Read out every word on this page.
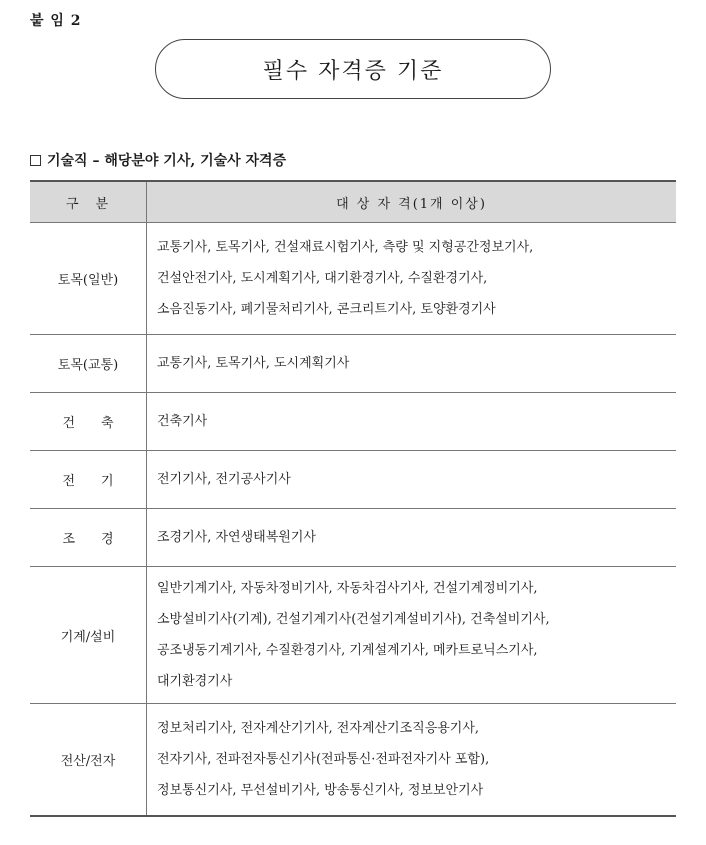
붙 임 2
필수 자격증 기준
기술직 – 해당분야 기사, 기술사 자격증
구　분	대 상 자 격(1개 이상)
토목(일반)	교통기사, 토목기사, 건설재료시험기사, 측량 및 지형공간정보기사,
건설안전기사, 도시계획기사, 대기환경기사, 수질환경기사,
소음진동기사, 폐기물처리기사, 콘크리트기사, 토양환경기사

토목(교통)	교통기사, 토목기사, 도시계획기사

건　　축	건축기사

전　　기	전기기사, 전기공사기사

조　　경	조경기사, 자연생태복원기사

기계/설비	일반기계기사, 자동차정비기사, 자동차검사기사, 건설기계정비기사,
소방설비기사(기계), 건설기계기사(건설기계설비기사), 건축설비기사,
공조냉동기계기사, 수질환경기사, 기계설계기사, 메카트로닉스기사,
대기환경기사

전산/전자	정보처리기사, 전자계산기기사, 전자계산기조직응용기사,
전자기사, 전파전자통신기사(전파통신·전파전자기사 포함),
정보통신기사, 무선설비기사, 방송통신기사, 정보보안기사
